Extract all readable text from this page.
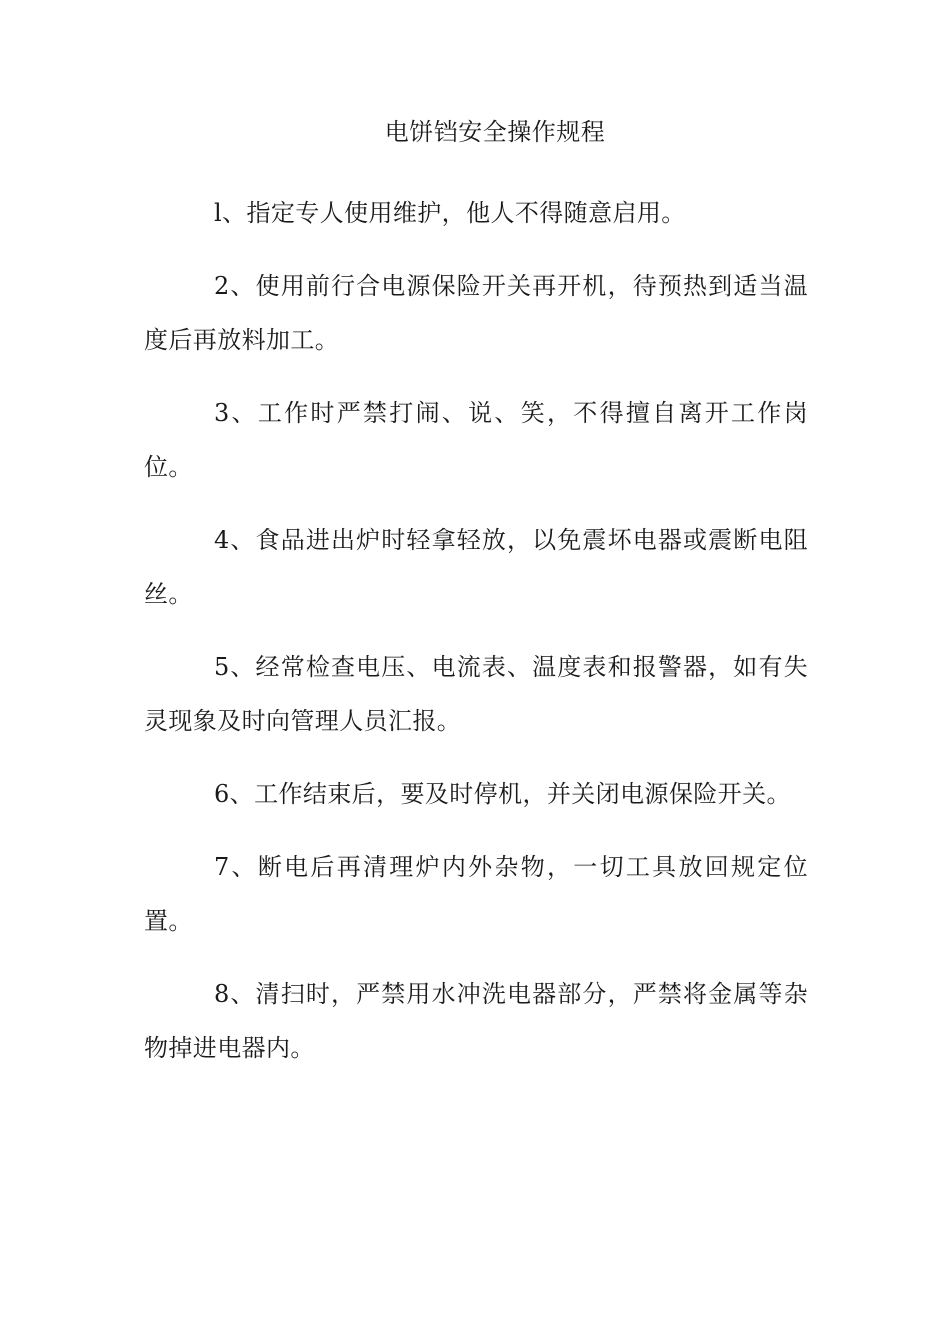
电饼铛安全操作规程

l、指定专人使用维护，他人不得随意启用。

2、使用前行合电源保险开关再开机，待预热到适当温度后再放料加工。

3、工作时严禁打闹、说、笑，不得擅自离开工作岗位。

4、食品进出炉时轻拿轻放，以免震坏电器或震断电阻丝。

5、经常检查电压、电流表、温度表和报警器，如有失灵现象及时向管理人员汇报。

6、工作结束后，要及时停机，并关闭电源保险开关。

7、断电后再清理炉内外杂物，一切工具放回规定位置。

8、清扫时，严禁用水冲洗电器部分，严禁将金属等杂物掉进电器内。
